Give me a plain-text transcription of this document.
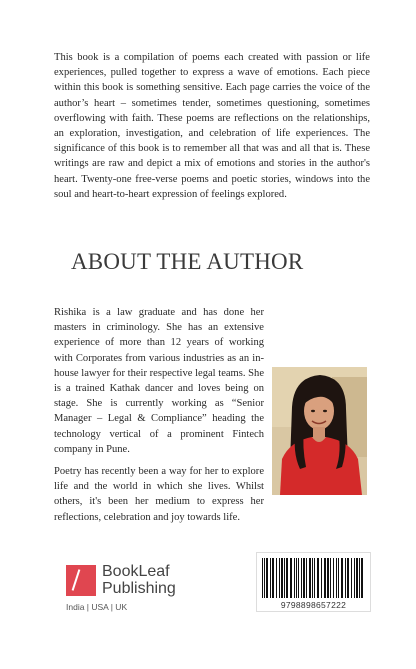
This book is a compilation of poems each created with passion or life experiences, pulled together to express a wave of emotions. Each piece within this book is something sensitive. Each page carries the voice of the author’s heart – sometimes tender, sometimes questioning, sometimes overflowing with faith. These poems are reflections on the relationships, an exploration, investigation, and celebration of life experiences. The significance of this book is to remember all that was and all that is. These writings are raw and depict a mix of emotions and stories in the author's heart. Twenty-one free-verse poems and poetic stories, windows into the soul and heart-to-heart expression of feelings explored.

ABOUT THE AUTHOR

Rishika is a law graduate and has done her masters in criminology. She has an extensive experience of more than 12 years of working with Corporates from various industries as an in-house lawyer for their respective legal teams. She is a trained Kathak dancer and loves being on stage. She is currently working as “Senior Manager – Legal & Compliance” heading the technology vertical of a prominent Fintech company in Pune.

Poetry has recently been a way for her to explore life and the world in which she lives. Whilst others, it's been her medium to express her reflections, celebration and joy towards life.

BookLeaf
Publishing
India | USA | UK	9798898657222
